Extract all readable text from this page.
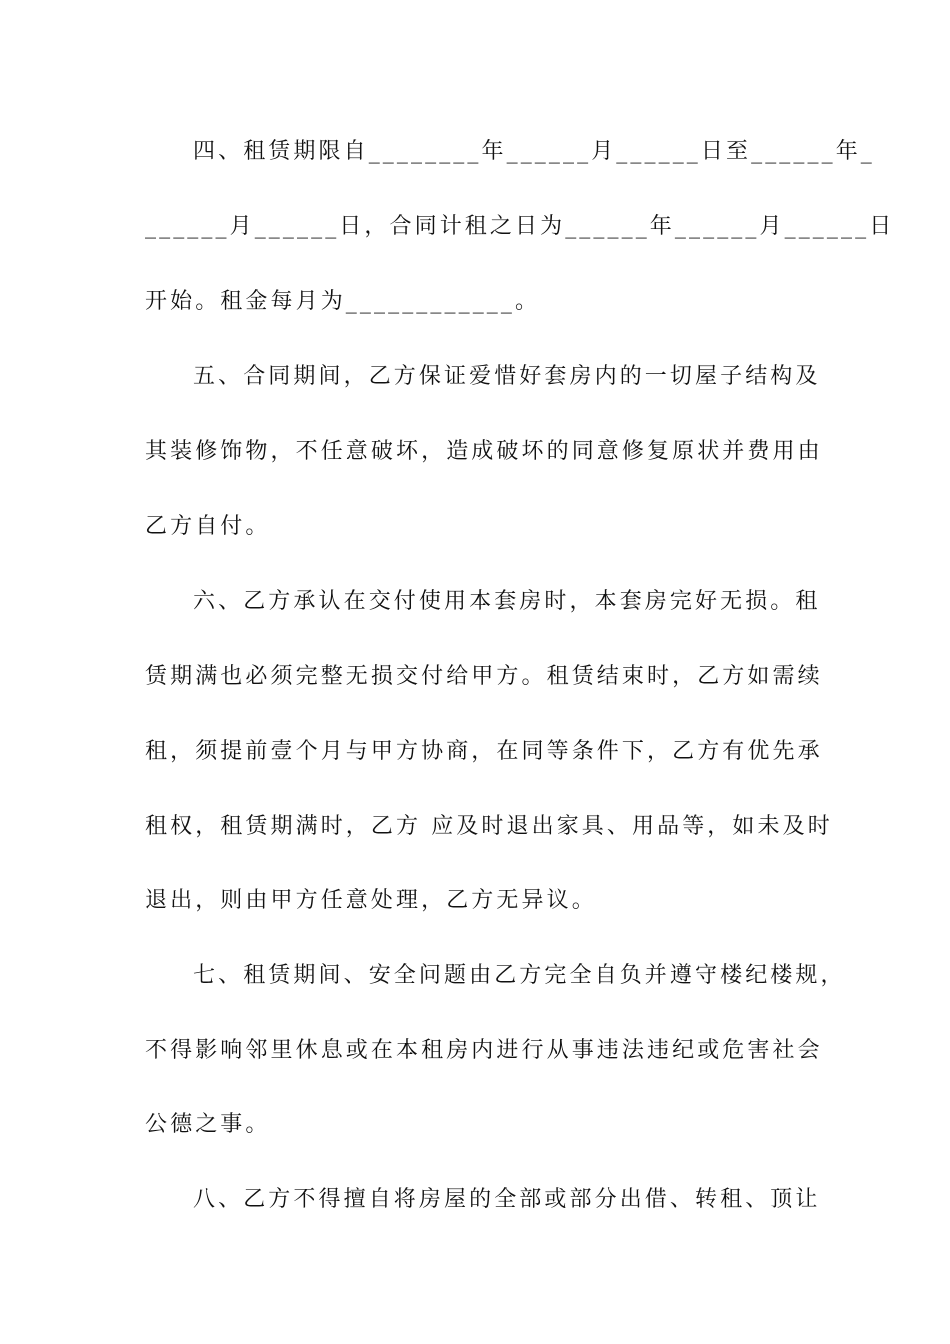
四、租赁期限自________年______月______日至______年_
______月______日，合同计租之日为______年______月______日
开始。租金每月为____________。
五、合同期间，乙方保证爱惜好套房内的一切屋子结构及
其装修饰物，不任意破坏，造成破坏的同意修复原状并费用由
乙方自付。
六、乙方承认在交付使用本套房时，本套房完好无损。租
赁期满也必须完整无损交付给甲方。租赁结束时，乙方如需续
租，须提前壹个月与甲方协商，在同等条件下，乙方有优先承
租权，租赁期满时，乙方 应及时退出家具、用品等，如未及时
退出，则由甲方任意处理，乙方无异议。
七、租赁期间、安全问题由乙方完全自负并遵守楼纪楼规，
不得影响邻里休息或在本租房内进行从事违法违纪或危害社会
公德之事。
八、乙方不得擅自将房屋的全部或部分出借、转租、顶让
